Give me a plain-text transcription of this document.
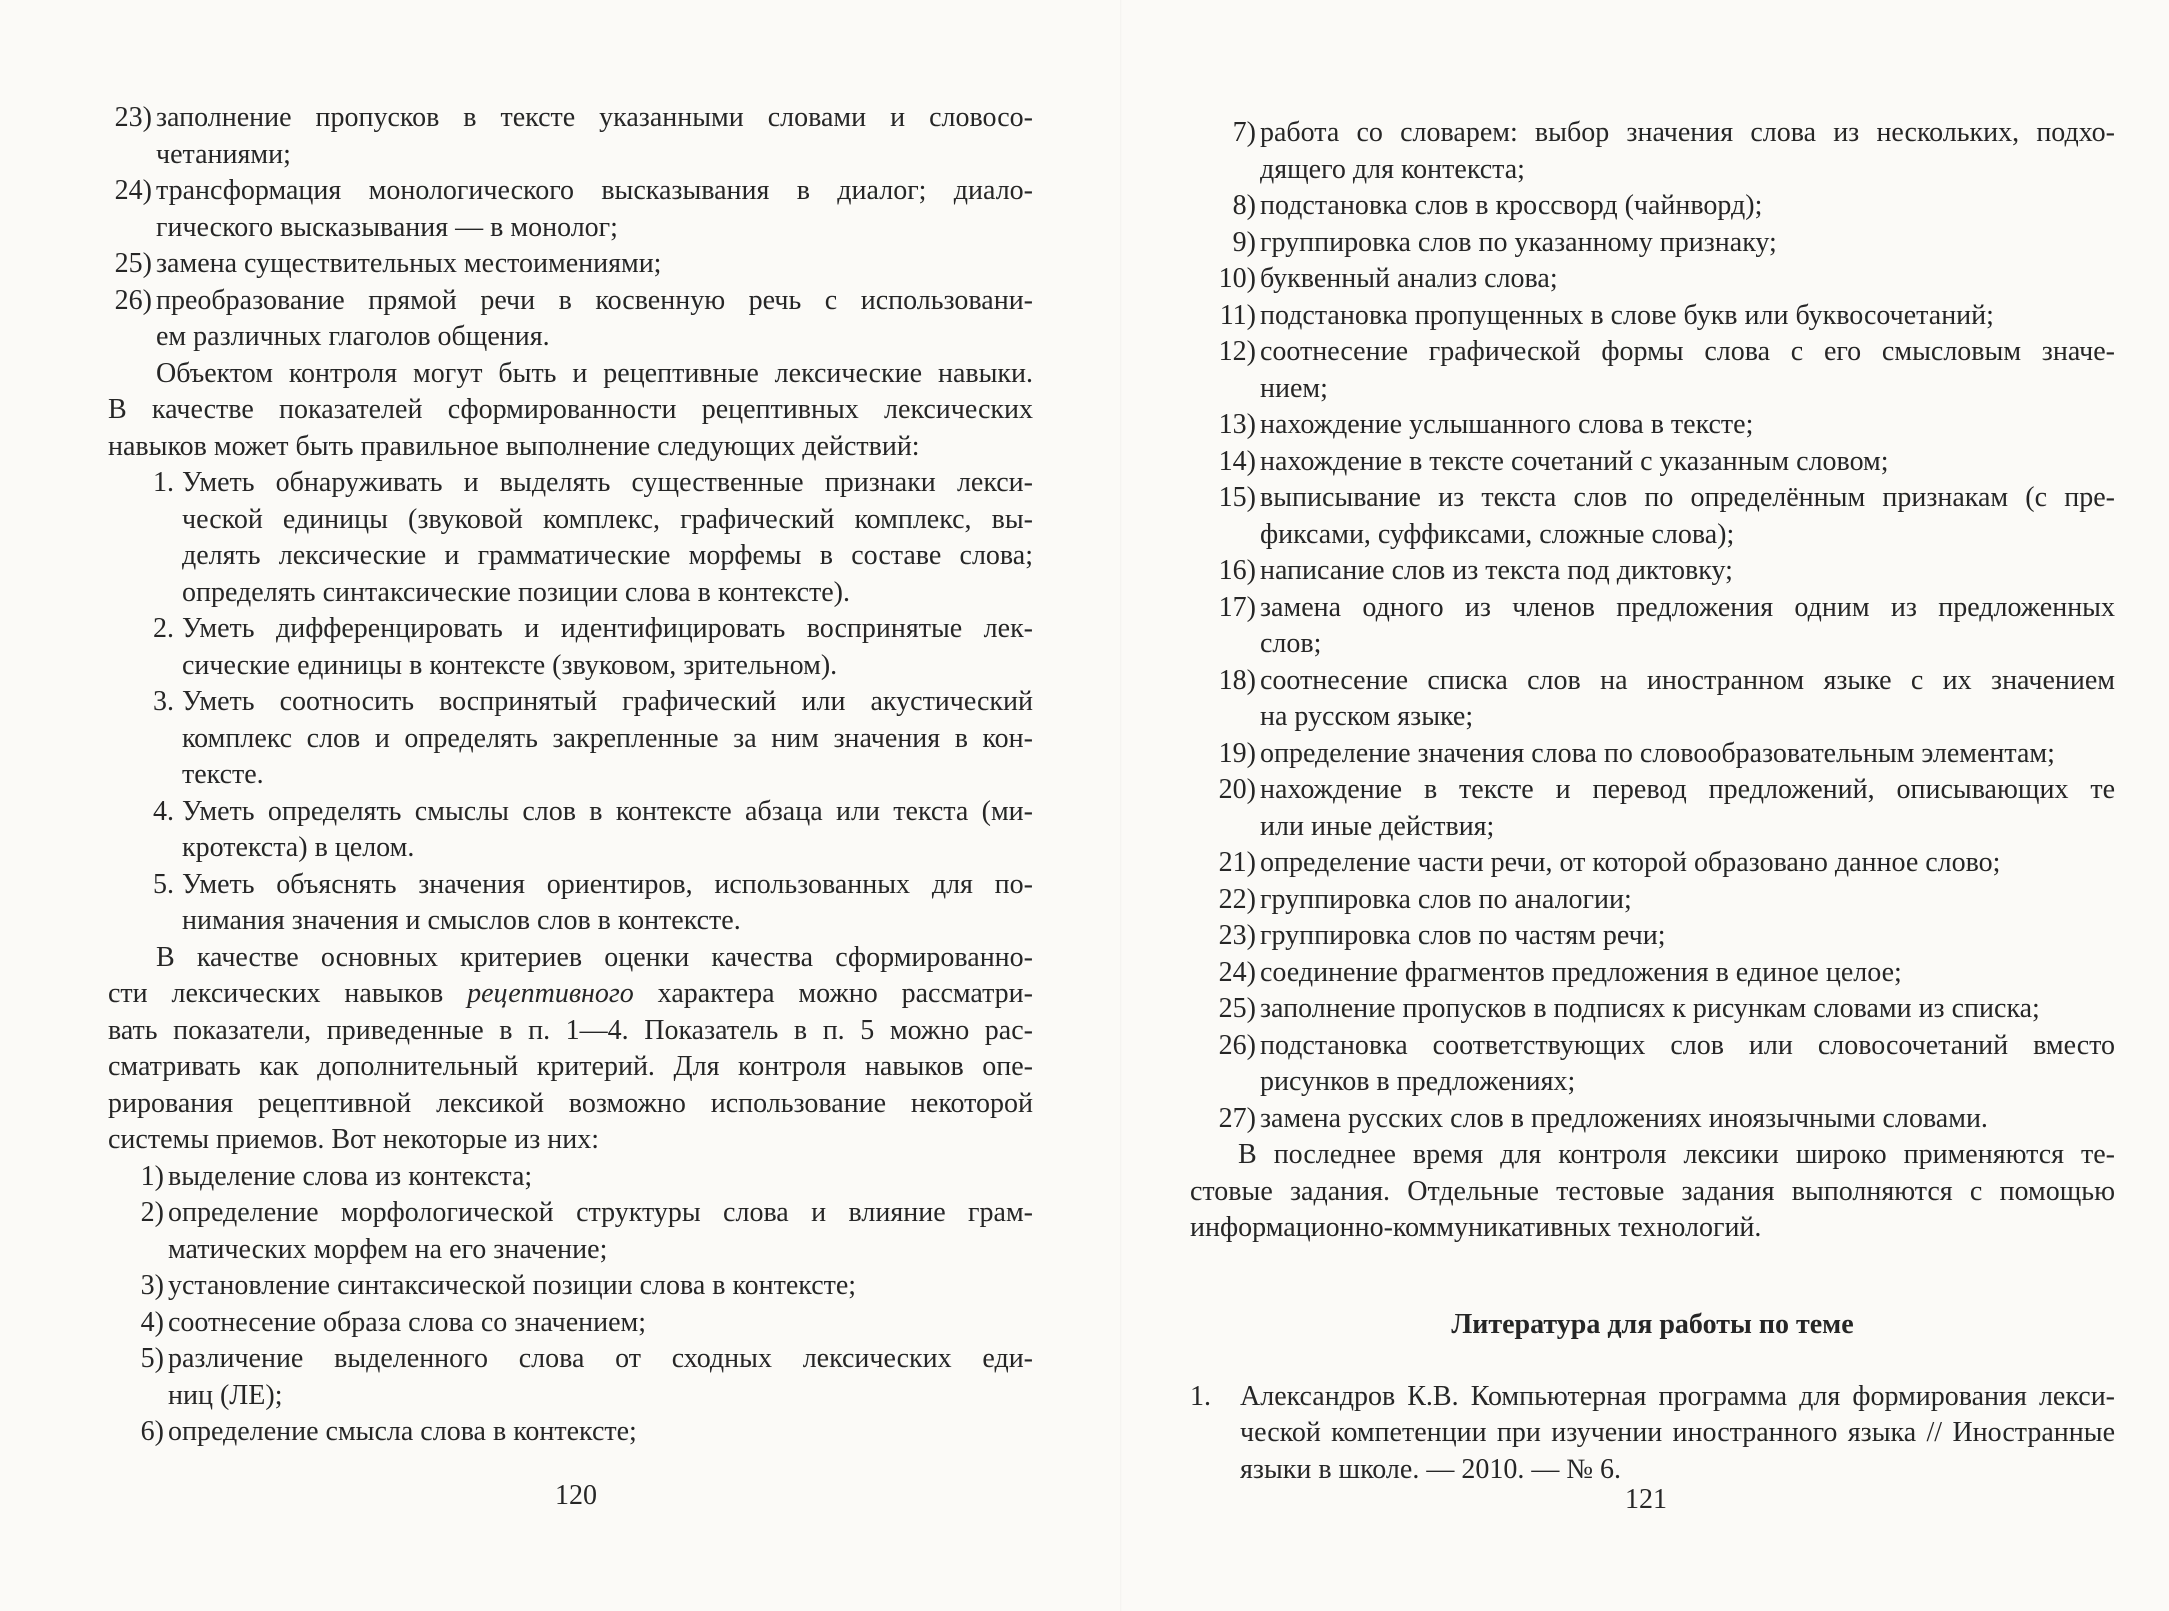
23) заполнение пропусков в тексте указанными словами и словосо-

четаниями;

24) трансформация монологического высказывания в диалог; диало-

гического высказывания — в монолог;

25) замена существительных местоимениями;

26) преобразование прямой речи в косвенную речь с использовани-

ем различных глаголов общения.

Объектом контроля могут быть и рецептивные лексические навыки.

В качестве показателей сформированности рецептивных лексических

навыков может быть правильное выполнение следующих действий:

1. Уметь обнаруживать и выделять существенные признаки лекси-

ческой единицы (звуковой комплекс, графический комплекс, вы-

делять лексические и грамматические морфемы в составе слова;

определять синтаксические позиции слова в контексте).

2. Уметь дифференцировать и идентифицировать воспринятые лек-

сические единицы в контексте (звуковом, зрительном).

3. Уметь соотносить воспринятый графический или акустический

комплекс слов и определять закрепленные за ним значения в кон-

тексте.

4. Уметь определять смыслы слов в контексте абзаца или текста (ми-

кротекста) в целом.

5. Уметь объяснять значения ориентиров, использованных для по-

нимания значения и смыслов слов в контексте.

В качестве основных критериев оценки качества сформированно-

сти лексических навыков рецептивного характера можно рассматри-

вать показатели, приведенные в п. 1—4. Показатель в п. 5 можно рас-

сматривать как дополнительный критерий. Для контроля навыков опе-

рирования рецептивной лексикой возможно использование некоторой

системы приемов. Вот некоторые из них:

1) выделение слова из контекста;

2) определение морфологической структуры слова и влияние грам-

матических морфем на его значение;

3) установление синтаксической позиции слова в контексте;

4) соотнесение образа слова со значением;

5) различение выделенного слова от сходных лексических еди-

ниц (ЛЕ);

6) определение смысла слова в контексте;

120
7) работа со словарем: выбор значения слова из нескольких, подхо-

дящего для контекста;

8) подстановка слов в кроссворд (чайнворд);

9) группировка слов по указанному признаку;

10) буквенный анализ слова;

11) подстановка пропущенных в слове букв или буквосочетаний;

12) соотнесение графической формы слова с его смысловым значе-

нием;

13) нахождение услышанного слова в тексте;

14) нахождение в тексте сочетаний с указанным словом;

15) выписывание из текста слов по определённым признакам (с пре-

фиксами, суффиксами, сложные слова);

16) написание слов из текста под диктовку;

17) замена одного из членов предложения одним из предложенных

слов;

18) соотнесение списка слов на иностранном языке с их значением

на русском языке;

19) определение значения слова по словообразовательным элементам;

20) нахождение в тексте и перевод предложений, описывающих те

или иные действия;

21) определение части речи, от которой образовано данное слово;

22) группировка слов по аналогии;

23) группировка слов по частям речи;

24) соединение фрагментов предложения в единое целое;

25) заполнение пропусков в подписях к рисункам словами из списка;

26) подстановка соответствующих слов или словосочетаний вместо

рисунков в предложениях;

27) замена русских слов в предложениях иноязычными словами.

В последнее время для контроля лексики широко применяются те-

стовые задания. Отдельные тестовые задания выполняются с помощью

информационно-коммуникативных технологий.

Литература для работы по теме
1. Александров К.В. Компьютерная программа для формирования лекси-

ческой компетенции при изучении иностранного языка // Иностранные

языки в школе. — 2010. — № 6.

121
